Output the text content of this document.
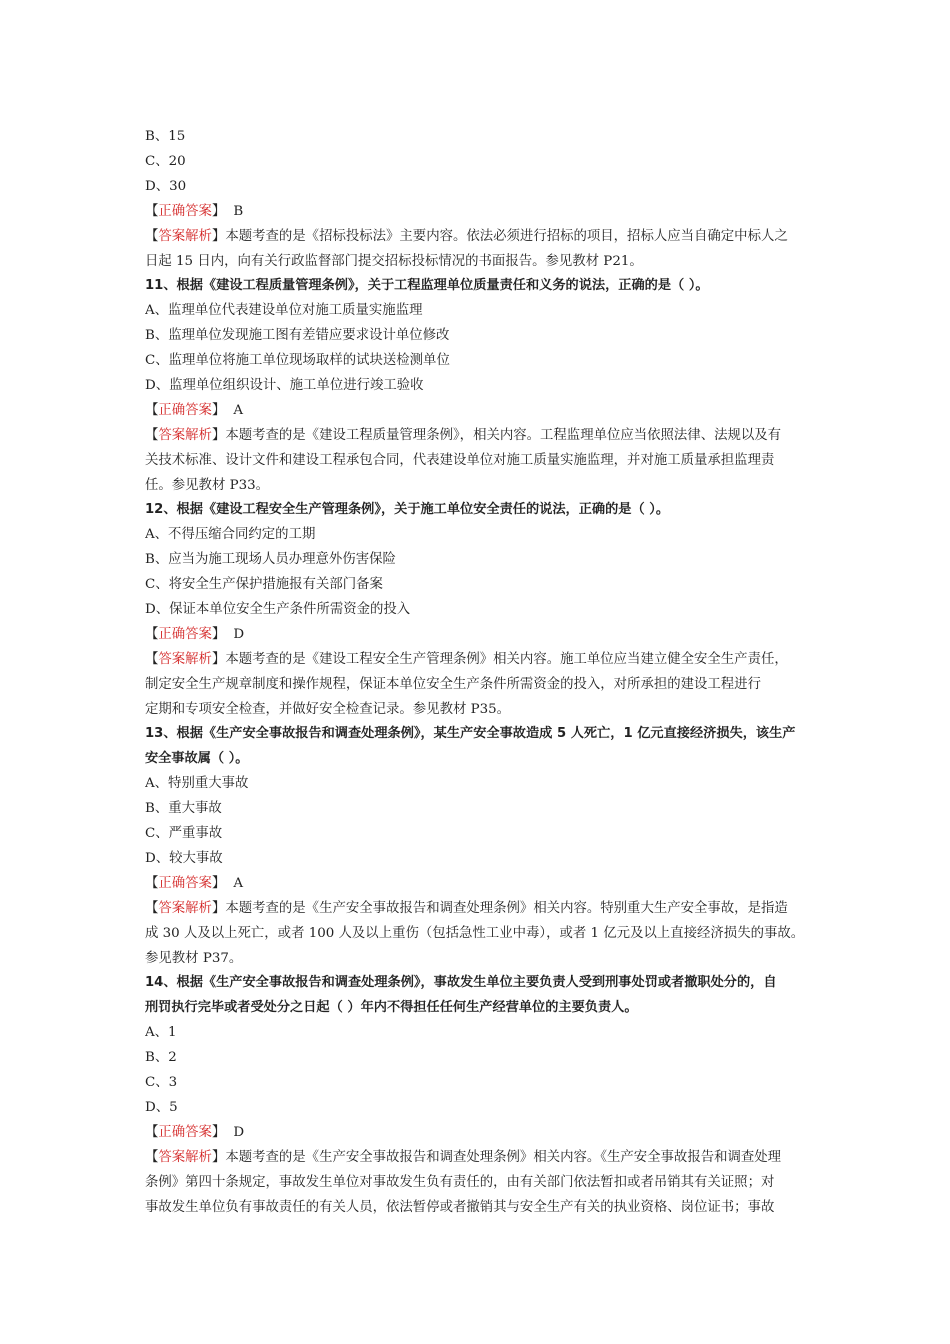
B、15
C、20
D、30
【正确答案】 B
【答案解析】本题考查的是《招标投标法》主要内容。依法必须进行招标的项目，招标人应当自确定中标人之
日起 15 日内，向有关行政监督部门提交招标投标情况的书面报告。参见教材 P21。
11、根据《建设工程质量管理条例》，关于工程监理单位质量责任和义务的说法，正确的是（ ）。
A、监理单位代表建设单位对施工质量实施监理
B、监理单位发现施工图有差错应要求设计单位修改
C、监理单位将施工单位现场取样的试块送检测单位
D、监理单位组织设计、施工单位进行竣工验收
【正确答案】 A
【答案解析】本题考查的是《建设工程质量管理条例》，相关内容。工程监理单位应当依照法律、法规以及有
关技术标准、设计文件和建设工程承包合同，代表建设单位对施工质量实施监理，并对施工质量承担监理责
任。参见教材 P33。
12、根据《建设工程安全生产管理条例》，关于施工单位安全责任的说法，正确的是（ ）。
A、不得压缩合同约定的工期
B、应当为施工现场人员办理意外伤害保险
C、将安全生产保护措施报有关部门备案
D、保证本单位安全生产条件所需资金的投入
【正确答案】 D
【答案解析】本题考查的是《建设工程安全生产管理条例》相关内容。施工单位应当建立健全安全生产责任，
制定安全生产规章制度和操作规程，保证本单位安全生产条件所需资金的投入，对所承担的建设工程进行
定期和专项安全检查，并做好安全检查记录。参见教材 P35。
13、根据《生产安全事故报告和调查处理条例》，某生产安全事故造成 5 人死亡，1 亿元直接经济损失，该生产
安全事故属（ ）。
A、特别重大事故
B、重大事故
C、严重事故
D、较大事故
【正确答案】 A
【答案解析】本题考查的是《生产安全事故报告和调查处理条例》相关内容。特别重大生产安全事故，是指造
成 30 人及以上死亡，或者 100 人及以上重伤（包括急性工业中毒），或者 1 亿元及以上直接经济损失的事故。
参见教材 P37。
14、根据《生产安全事故报告和调查处理条例》，事故发生单位主要负责人受到刑事处罚或者撤职处分的，自
刑罚执行完毕或者受处分之日起（ ）年内不得担任任何生产经营单位的主要负责人。
A、1
B、2
C、3
D、5
【正确答案】 D
【答案解析】本题考查的是《生产安全事故报告和调查处理条例》相关内容。《生产安全事故报告和调查处理
条例》第四十条规定，事故发生单位对事故发生负有责任的，由有关部门依法暂扣或者吊销其有关证照；对
事故发生单位负有事故责任的有关人员，依法暂停或者撤销其与安全生产有关的执业资格、岗位证书；事故
